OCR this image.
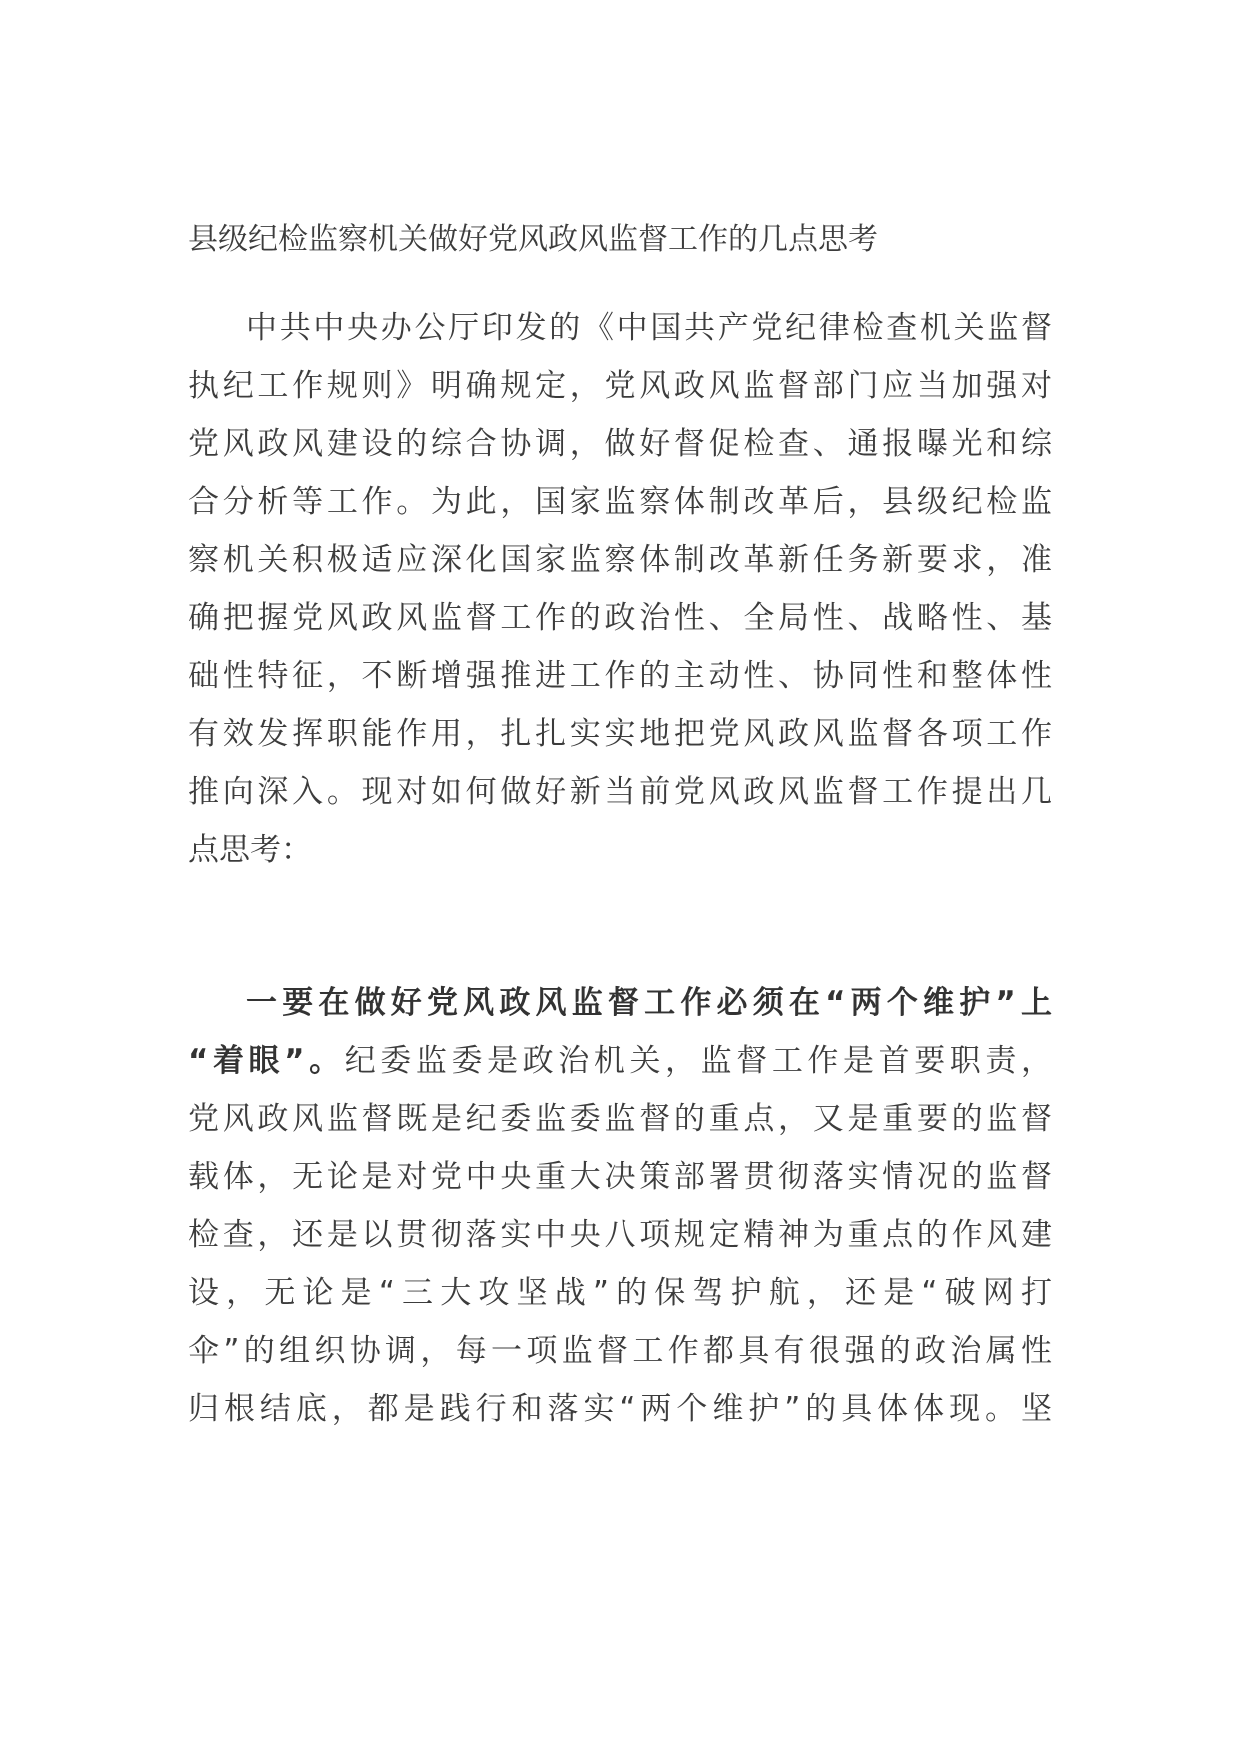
县级纪检监察机关做好党风政风监督工作的几点思考
中共中央办公厅印发的《中国共产党纪律检查机关监督
执纪工作规则》明确规定，党风政风监督部门应当加强对
党风政风建设的综合协调，做好督促检查、通报曝光和综
合分析等工作。为此，国家监察体制改革后，县级纪检监
察机关积极适应深化国家监察体制改革新任务新要求，准
确把握党风政风监督工作的政治性、全局性、战略性、基
础性特征，不断增强推进工作的主动性、协同性和整体性
有效发挥职能作用，扎扎实实地把党风政风监督各项工作
推向深入。现对如何做好新当前党风政风监督工作提出几
点思考：
一要在做好党风政风监督工作必须在“两个维护”上
“着眼”。纪委监委是政治机关，监督工作是首要职责，
党风政风监督既是纪委监委监督的重点，又是重要的监督
载体，无论是对党中央重大决策部署贯彻落实情况的监督
检查，还是以贯彻落实中央八项规定精神为重点的作风建
设，无论是“三大攻坚战”的保驾护航，还是“破网打
伞”的组织协调，每一项监督工作都具有很强的政治属性
归根结底，都是践行和落实“两个维护”的具体体现。坚
